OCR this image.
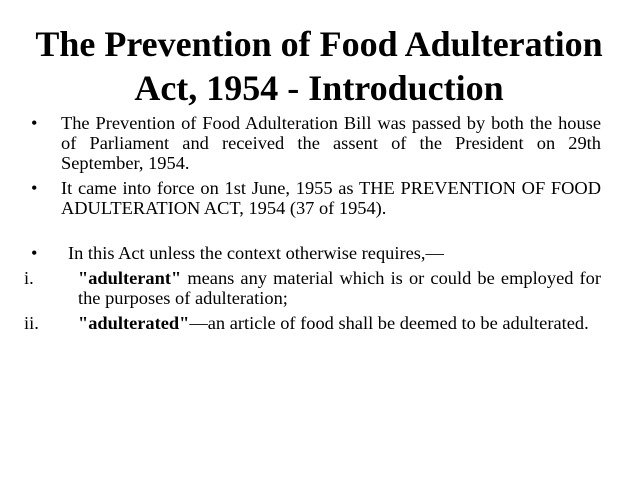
The Prevention of Food Adulteration
Act, 1954 - Introduction

• The Prevention of Food Adulteration Bill was passed by both the house of Parliament and received the assent of the President on 29th September, 1954.

• It came into force on 1st June, 1955 as THE PREVENTION OF FOOD ADULTERATION ACT, 1954 (37 of 1954).

• In this Act unless the context otherwise requires,—

i. "adulterant" means any material which is or could be employed for the purposes of adulteration;

ii. "adulterated"—an article of food shall be deemed to be adulterated.
